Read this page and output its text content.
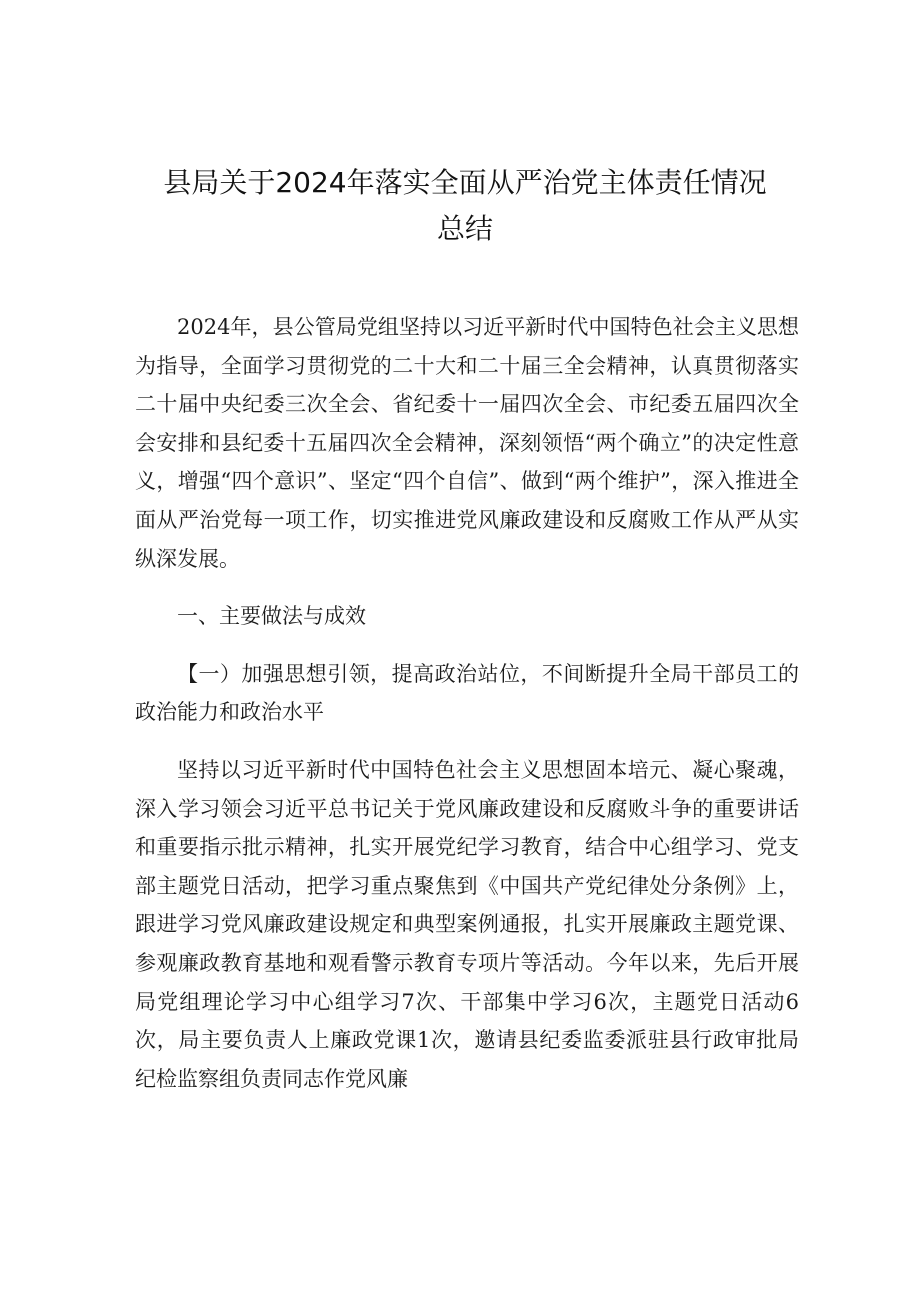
县局关于2024年落实全面从严治党主体责任情况总结

2024年，县公管局党组坚持以习近平新时代中国特色社会主义思想为指导，全面学习贯彻党的二十大和二十届三全会精神，认真贯彻落实二十届中央纪委三次全会、省纪委十一届四次全会、市纪委五届四次全会安排和县纪委十五届四次全会精神，深刻领悟“两个确立”的决定性意义，增强“四个意识”、坚定“四个自信”、做到“两个维护”，深入推进全面从严治党每一项工作，切实推进党风廉政建设和反腐败工作从严从实纵深发展。

一、主要做法与成效

【一）加强思想引领，提高政治站位，不间断提升全局干部员工的政治能力和政治水平

坚持以习近平新时代中国特色社会主义思想固本培元、凝心聚魂，深入学习领会习近平总书记关于党风廉政建设和反腐败斗争的重要讲话和重要指示批示精神，扎实开展党纪学习教育，结合中心组学习、党支部主题党日活动，把学习重点聚焦到《中国共产党纪律处分条例》上，跟进学习党风廉政建设规定和典型案例通报，扎实开展廉政主题党课、参观廉政教育基地和观看警示教育专项片等活动。今年以来，先后开展局党组理论学习中心组学习7次、干部集中学习6次，主题党日活动6次，局主要负责人上廉政党课1次，邀请县纪委监委派驻县行政审批局纪检监察组负责同志作党风廉
